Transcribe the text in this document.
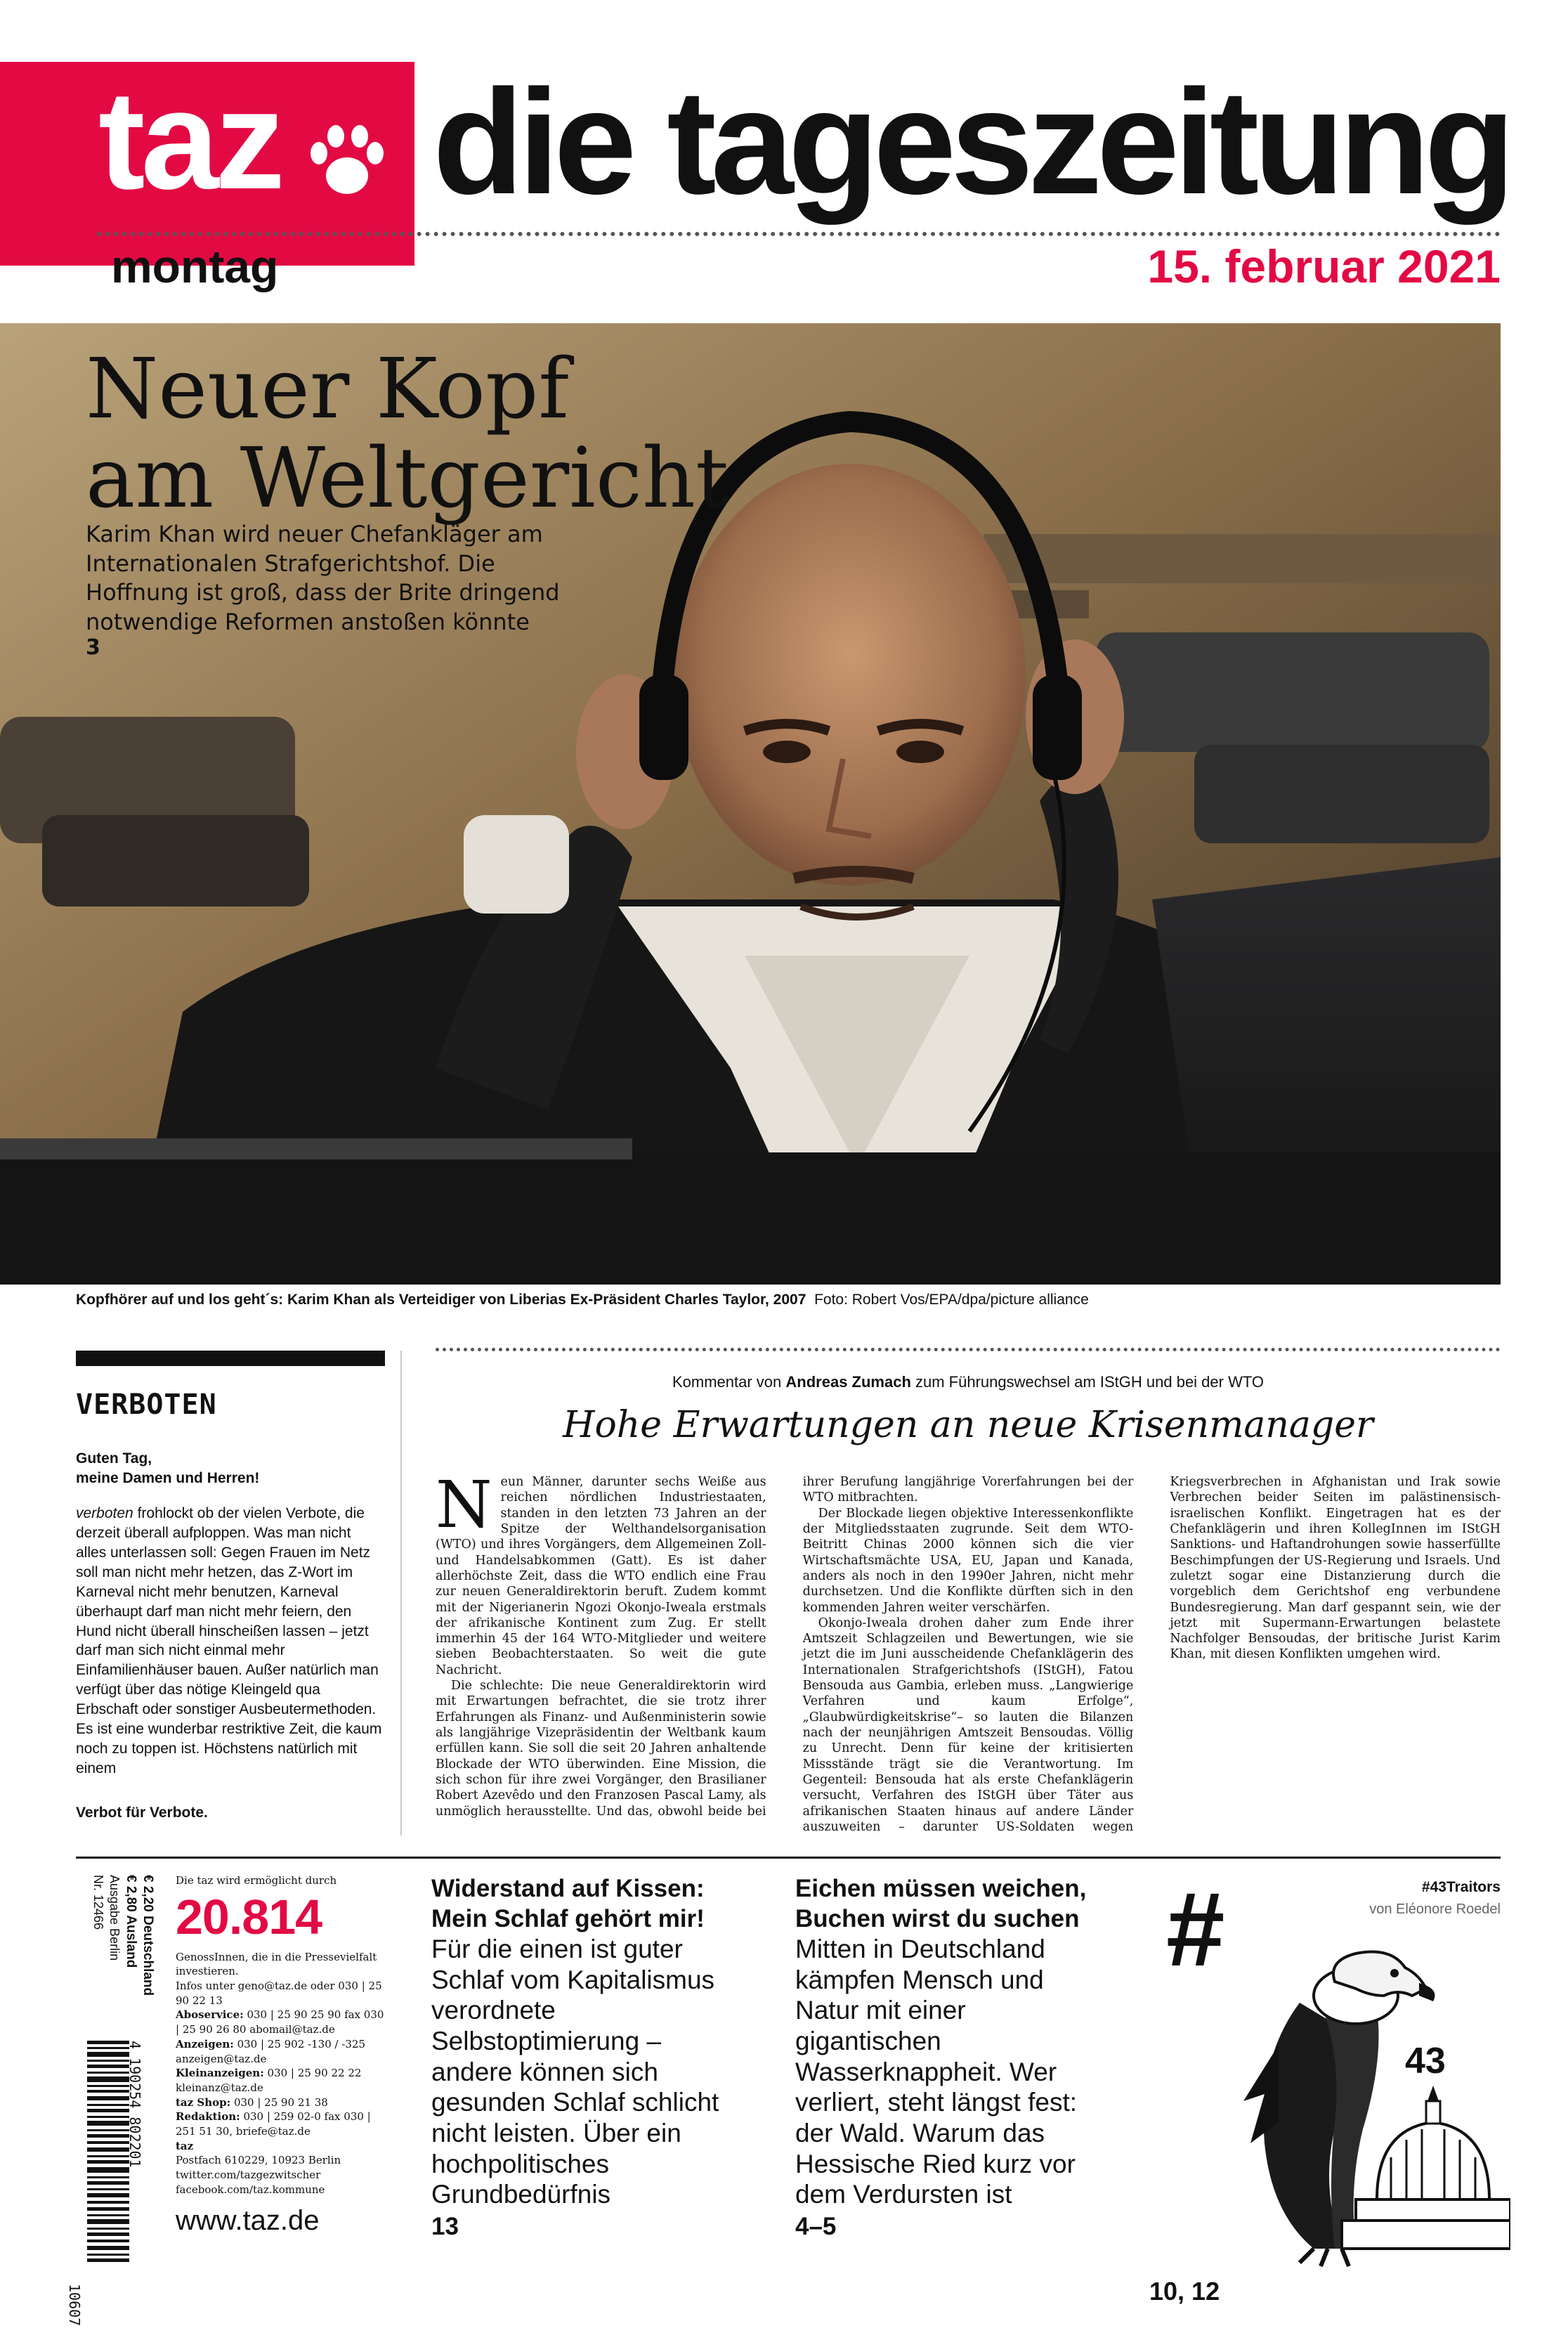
taz die tageszeitung
montag	15. februar 2021
Neuer Kopf
am Weltgericht
Karim Khan wird neuer Chefankläger am Internationalen Strafgerichtshof. Die Hoffnung ist groß, dass der Brite dringend notwendige Reformen anstoßen könnte
3
Kopfhörer auf und los geht´s: Karim Khan als Verteidiger von Liberias Ex-Präsident Charles Taylor, 2007 Foto: Robert Vos/EPA/dpa/picture alliance
VERBOTEN
Guten Tag,
meine Damen und Herren!
verboten frohlockt ob der vielen Verbote, die derzeit überall aufploppen. Was man nicht alles unterlassen soll: Gegen Frauen im Netz soll man nicht mehr hetzen, das Z-Wort im Karneval nicht mehr benutzen, Karneval überhaupt darf man nicht mehr feiern, den Hund nicht überall hinscheißen lassen – jetzt darf man sich nicht einmal mehr Einfamilienhäuser bauen. Außer natürlich man verfügt über das nötige Kleingeld qua Erbschaft oder sonstiger Ausbeutermethoden. Es ist eine wunderbar restriktive Zeit, die kaum noch zu toppen ist. Höchstens natürlich mit einem
Verbot für Verbote.
Kommentar von Andreas Zumach zum Führungswechsel am IStGH und bei der WTO
Hohe Erwartungen an neue Krisenmanager

Neun Männer, darunter sechs Weiße aus reichen nördlichen Industriestaaten, standen in den letzten 73 Jahren an der Spitze der Welthandelsorganisation (WTO) und ihres Vorgängers, dem Allgemeinen Zoll- und Handelsabkommen (Gatt). Es ist daher allerhöchste Zeit, dass die WTO endlich eine Frau zur neuen Generaldirektorin beruft. Zudem kommt mit der Nigerianerin Ngozi Okonjo-Iweala erstmals der afrikanische Kontinent zum Zug. Er stellt immerhin 45 der 164 WTO-Mitglieder und weitere sieben Beobachterstaaten. So weit die gute Nachricht.

Die schlechte: Die neue Generaldirektorin wird mit Erwartungen befrachtet, die sie trotz ihrer Erfahrungen als Finanz- und Außenministerin sowie als langjährige Vizepräsidentin der Weltbank kaum erfüllen kann. Sie soll die seit 20 Jahren anhaltende Blockade der WTO überwinden. Eine Mission, die sich schon für ihre zwei Vorgänger, den Brasilianer Robert Azevêdo und den Franzosen Pascal Lamy, als unmöglich herausstellte. Und das, obwohl beide bei ihrer Berufung langjährige Vorerfahrungen bei der WTO mitbrachten.

Der Blockade liegen objektive Interessenkonflikte der Mitgliedsstaaten zugrunde. Seit dem WTO-Beitritt Chinas 2000 können sich die vier Wirtschaftsmächte USA, EU, Japan und Kanada, anders als noch in den 1990er Jahren, nicht mehr durchsetzen. Und die Konflikte dürften sich in den kommenden Jahren weiter verschärfen.

Okonjo-Iweala drohen daher zum Ende ihrer Amtszeit Schlagzeilen und Bewertungen, wie sie jetzt die im Juni ausscheidende Chefanklägerin des Internationalen Strafgerichtshofs (IStGH), Fatou Bensouda aus Gambia, erleben muss. „Langwierige Verfahren und kaum Erfolge“, „Glaubwürdigkeitskrise“– so lauten die Bilanzen nach der neunjährigen Amtszeit Bensoudas. Völlig zu Unrecht. Denn für keine der kritisierten Missstände trägt sie die Verantwortung. Im Gegenteil: Bensouda hat als erste Chefanklägerin versucht, Verfahren des IStGH über Täter aus afrikanischen Staaten hinaus auf andere Länder auszuweiten – darunter US-Soldaten wegen Kriegsverbrechen in Afghanistan und Irak sowie Verbrechen beider Seiten im palästinensisch-israelischen Konflikt. Eingetragen hat es der Chefanklägerin und ihren KollegInnen im IStGH Sanktions- und Haftandrohungen sowie hasserfüllte Beschimpfungen der US-Regierung und Israels. Und zuletzt sogar eine Distanzierung durch die vorgeblich dem Gerichtshof eng verbundene Bundesregierung. Man darf gespannt sein, wie der jetzt mit Supermann-Erwartungen belastete Nachfolger Bensoudas, der britische Jurist Karim Khan, mit diesen Konflikten umgehen wird.

€ 2,20 Deutschland
€ 2,80 Ausland
Ausgabe Berlin
Nr. 12466
4 190254 802201
10607
Die taz wird ermöglicht durch
20.814
GenossInnen, die in die Pressevielfalt investieren.
Infos unter geno@taz.de oder 030 | 25 90 22 13
Aboservice: 030 | 25 90 25 90 fax 030 | 25 90 26 80 abomail@taz.de
Anzeigen: 030 | 25 902 -130 / -325 anzeigen@taz.de
Kleinanzeigen: 030 | 25 90 22 22 kleinanz@taz.de
taz Shop: 030 | 25 90 21 38
Redaktion: 030 | 259 02-0 fax 030 | 251 51 30, briefe@taz.de
taz
Postfach 610229, 10923 Berlin twitter.com/tazgezwitscher facebook.com/taz.kommune
www.taz.de
Widerstand auf Kissen: Mein Schlaf gehört mir!
Für die einen ist guter Schlaf vom Kapitalismus verordnete Selbstoptimierung – andere können sich gesunden Schlaf schlicht nicht leisten. Über ein hochpolitisches Grundbedürfnis
13
Eichen müssen weichen, Buchen wirst du suchen
Mitten in Deutschland kämpfen Mensch und Natur mit einer gigantischen Wasserknappheit. Wer verliert, steht längst fest: der Wald. Warum das Hessische Ried kurz vor dem Verdursten ist
4–5
#	#43Traitors
von Eléonore Roedel
43
10, 12
